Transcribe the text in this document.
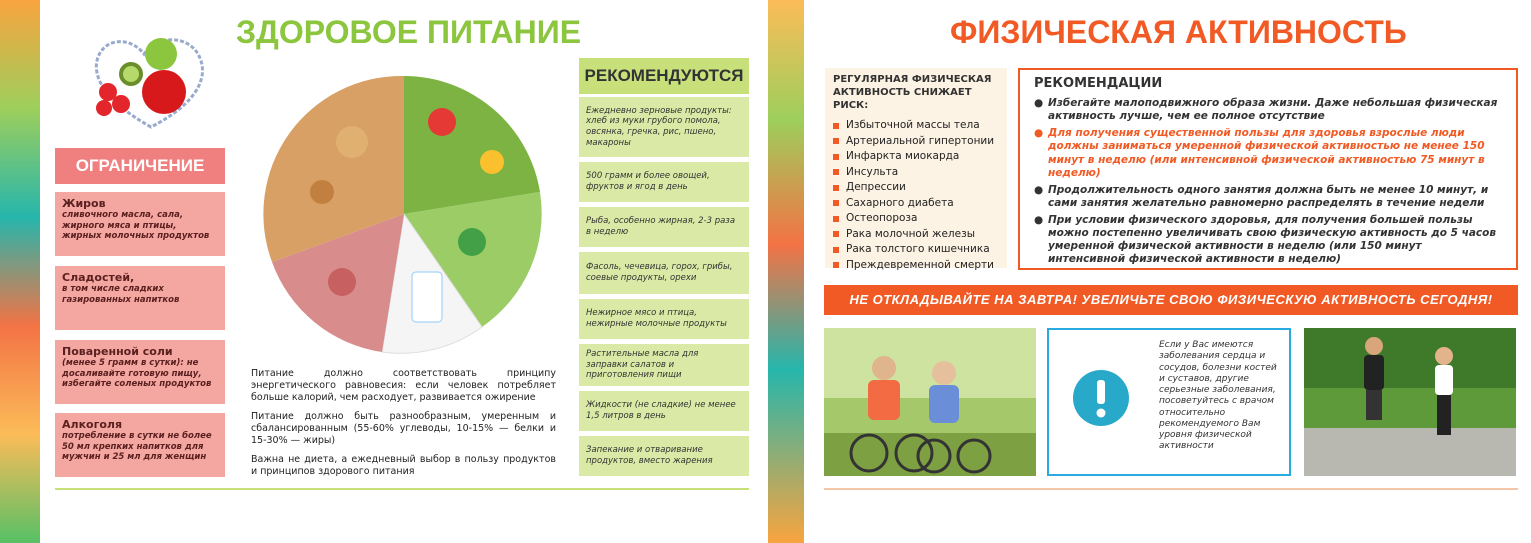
ЗДОРОВОЕ ПИТАНИЕ
ОГРАНИЧЕНИЕ
Жиров
сливочного масла, сала, жирного мяса и птицы, жирных молочных продуктов
Сладостей,
в том числе сладких газированных напитков
Поваренной соли
(менее 5 грамм в сутки): не досаливайте готовую пищу, избегайте соленых продуктов
Алкоголя
потребление в сутки не более 50 мл крепких напитков для мужчин и 25 мл для женщин
РЕКОМЕНДУЮТСЯ
Ежедневно зерновые продукты: хлеб из муки грубого помола, овсянка, гречка, рис, пшено, макароны
500 грамм и более овощей, фруктов и ягод в день
Рыба, особенно жирная, 2-3 раза в неделю
Фасоль, чечевица, горох, грибы, соевые продукты, орехи
Нежирное мясо и птица, нежирные молочные продукты
Растительные масла для заправки салатов и приготовления пищи
Жидкости (не сладкие) не менее 1,5 литров в день
Запекание и отваривание продуктов, вместо жарения
Питание должно соответствовать принципу энергетического равновесия: если человек потребляет больше калорий, чем расходует, развивается ожирение
Питание должно быть разнообразным, умеренным и сбалансированным (55-60% углеводы, 10-15% — белки и 15-30% — жиры)
Важна не диета, а ежедневный выбор в пользу продуктов и принципов здорового питания
ФИЗИЧЕСКАЯ АКТИВНОСТЬ
РЕГУЛЯРНАЯ ФИЗИЧЕСКАЯ АКТИВНОСТЬ СНИЖАЕТ РИСК:
Избыточной массы тела
Артериальной гипертонии
Инфаркта миокарда
Инсульта
Депрессии
Сахарного диабета
Остеопороза
Рака молочной железы
Рака толстого кишечника
Преждевременной смерти
РЕКОМЕНДАЦИИ
● Избегайте малоподвижного образа жизни. Даже небольшая физическая активность лучше, чем ее полное отсутствие
● Для получения существенной пользы для здоровья взрослые люди должны заниматься умеренной физической активностью не менее 150 минут в неделю (или интенсивной физической активностью 75 минут в неделю)
● Продолжительность одного занятия должна быть не менее 10 минут, и сами занятия желательно равномерно распределять в течение недели
● При условии физического здоровья, для получения большей пользы можно постепенно увеличивать свою физическую активность до 5 часов умеренной физической активности в неделю (или 150 минут интенсивной физической активности в неделю)
НЕ ОТКЛАДЫВАЙТЕ НА ЗАВТРА! УВЕЛИЧЬТЕ СВОЮ ФИЗИЧЕСКУЮ АКТИВНОСТЬ СЕГОДНЯ!
Если у Вас имеются заболевания сердца и сосудов, болезни костей и суставов, другие серьезные заболевания, посоветуйтесь с врачом относительно рекомендуемого Вам уровня физической активности
